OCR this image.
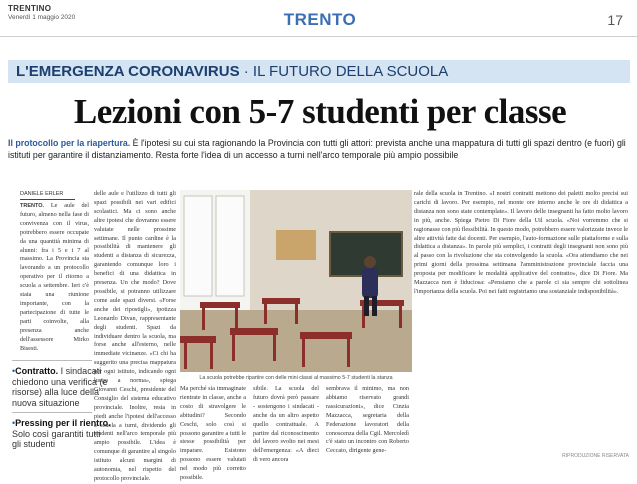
TRENTINO
Venerdì 1 maggio 2020	TRENTO	17
L'EMERGENZA CORONAVIRUS · IL FUTURO DELLA SCUOLA
Lezioni con 5-7 studenti per classe
Il protocollo per la riapertura. È l'ipotesi su cui sta ragionando la Provincia con tutti gli attori: prevista anche una mappatura di tutti gli spazi dentro (e fuori) gli istituti per garantire il distanziamento. Resta forte l'idea di un accesso a turni nell'arco temporale più ampio possibile
DANIELE ERLER
TRENTO. Le aule del futuro, almeno nella fase di convivenza con il virus, potrebbero essere occupate da una quantità minima di alunni: fra i 5 e i 7 al massimo. La Provincia sta lavorando a un protocollo operativo per il ritorno a scuola a settembre. Ieri c'è stata una riunione importante, con la partecipazione di tutte le parti coinvolte, alla presenza anche dell'assessore Mirko Bisesti.
•Contratto. I sindacati chiedono una verifica (e risorse) alla luce della nuova situazione
•Pressing per il rientro. Solo così garantiti tutti gli studenti
delle aule e l'utilizzo di tutti gli spazi possibili nei vari edifici scolastici. Ma ci sono anche altre ipotesi che dovranno essere valutate nelle prossime settimane. Il punto cardine è la possibilità di mantenere gli studenti a distanza di sicurezza, garantendo comunque loro i benefici di una didattica in presenza. Un che modo? Dove possibile, si potranno utilizzare come aule spazi diversi. «Forse anche dei ripostigli», ipotizza Leonardo Divan, rappresentante degli studenti. Spazi da individuare dentro la scuola, ma forse anche all'esterno, nelle immediate vicinanze. «Ci chi ha suggerito una precisa mappatura per ogni istituto, indicando ogni luogo a norma», spiega Giovanni Ceschi, presidente del Consiglio del sistema educativo provinciale. Inoltre, resta in piedi anche l'ipotesi dell'accesso a scuola a turni, dividendo gli studenti nell'arco temporale più ampio possibile. L'idea è comunque di garantire al singolo istituto alcuni margini di autonomia, nel rispetto del protocollo provinciale.
La scuola potrebbe ripartire con delle mini classi al massimo 5-7 studenti la stanza
Ma perché sia immaginate rientrate in classe, anche a costo di stravolgere le abitudini? Secondo Ceschi, solo così si possono garantire a tutti le stesse possibilità per imparare. Esistono possono essere valutati nel modo più corretto possibile.
sibile. La scuola del futuro dovrà però passare - sostengono i sindacati - anche da un altro aspetto quello contrattuale. A partire dal riconoscimento del lavoro svolto nei mesi dell'emergenza: «A dieci di vero ancora
sembrava il minimo, ma non abbiamo riservato grandi rassicurazioni», dice Cinzia Mazzacca, segretaria della Federazione lavoratori della conoscenza della Cgil. Mercoledì c'è stato un incontro con Roberto Ceccato, dirigente gene-
rale della scuola in Trentino. «I nostri contratti mettono dei paletti molto precisi sui carichi di lavoro. Per esempio, nel monte ore interno anche le ore di didattica a distanza non sono state contemplate». Il lavoro delle insegnanti ha fatto molto lavoro in più, anche. Spiega Pietro Di Fiore della Uil scuola. «Noi vorremmo che si ragionasse con più flessibilità. In questo modo, potrebbero essere valorizzate invece le altre attività fatte dai docenti. Per esempio, l'auto-formazione sulle piattaforme e sulla didattica a distanza». In parole più semplici, i contratti degli insegnanti non sono più al passo con la rivoluzione che sta coinvolgendo la scuola. «Ora attendiamo che nei primi giorni della prossima settimana l'amministrazione provinciale faccia una proposta per modificare le modalità applicative del contratto», dice Di Fiore. Ma Mazzacca non è fiduciosa: «Pensiamo che a parole ci sia sempre chi sottolinea l'importanza della scuola. Poi nei fatti registriamo una sostanziale indisponibilità».
RIPRODUZIONE RISERVATA
